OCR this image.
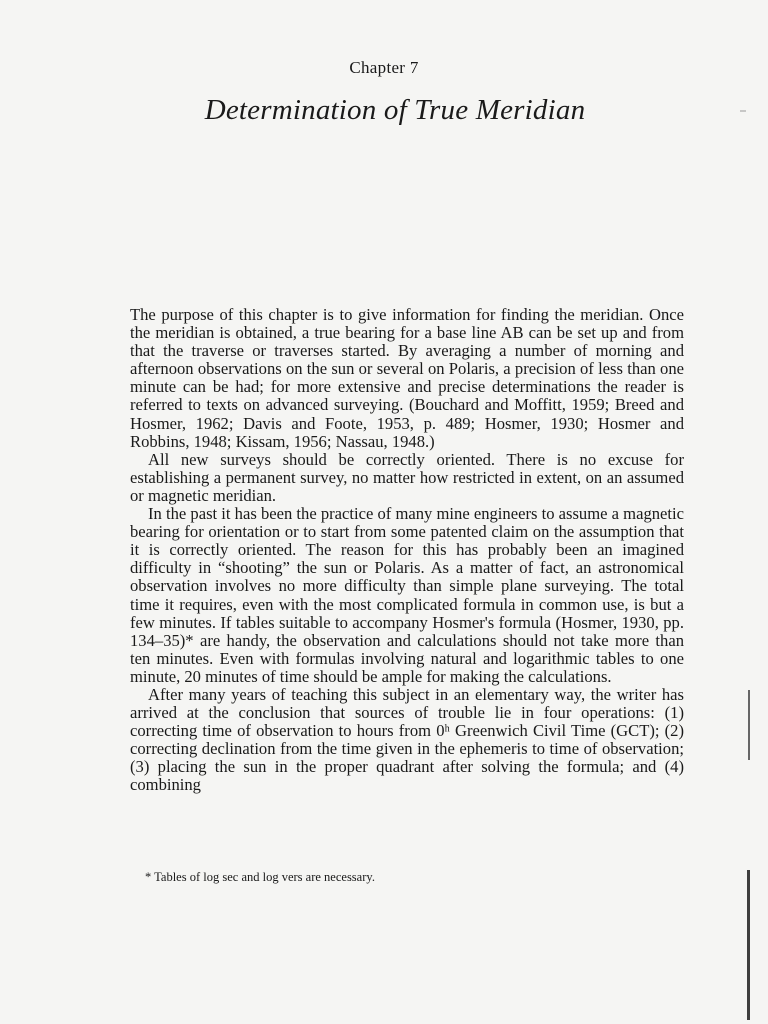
Chapter 7
Determination of True Meridian

The purpose of this chapter is to give information for finding the meridian. Once the meridian is obtained, a true bearing for a base line AB can be set up and from that the traverse or traverses started. By averaging a number of morning and afternoon observations on the sun or several on Polaris, a precision of less than one minute can be had; for more extensive and precise determinations the reader is referred to texts on advanced surveying. (Bouchard and Moffitt, 1959; Breed and Hosmer, 1962; Davis and Foote, 1953, p. 489; Hosmer, 1930; Hosmer and Robbins, 1948; Kissam, 1956; Nassau, 1948.)

All new surveys should be correctly oriented. There is no excuse for establishing a permanent survey, no matter how restricted in extent, on an assumed or magnetic meridian.

In the past it has been the practice of many mine engineers to assume a magnetic bearing for orientation or to start from some patented claim on the assumption that it is correctly oriented. The reason for this has probably been an imagined difficulty in “shooting” the sun or Polaris. As a matter of fact, an astronomical observation involves no more difficulty than simple plane surveying. The total time it requires, even with the most complicated formula in common use, is but a few minutes. If tables suitable to accompany Hosmer's formula (Hosmer, 1930, pp. 134–35)* are handy, the observation and calculations should not take more than ten minutes. Even with formulas involving natural and logarithmic tables to one minute, 20 minutes of time should be ample for making the calculations.

After many years of teaching this subject in an elementary way, the writer has arrived at the conclusion that sources of trouble lie in four operations: (1) correcting time of observation to hours from 0ʰ Greenwich Civil Time (GCT); (2) correcting declination from the time given in the ephemeris to time of observation; (3) placing the sun in the proper quadrant after solving the formula; and (4) combining

* Tables of log sec and log vers are necessary.
